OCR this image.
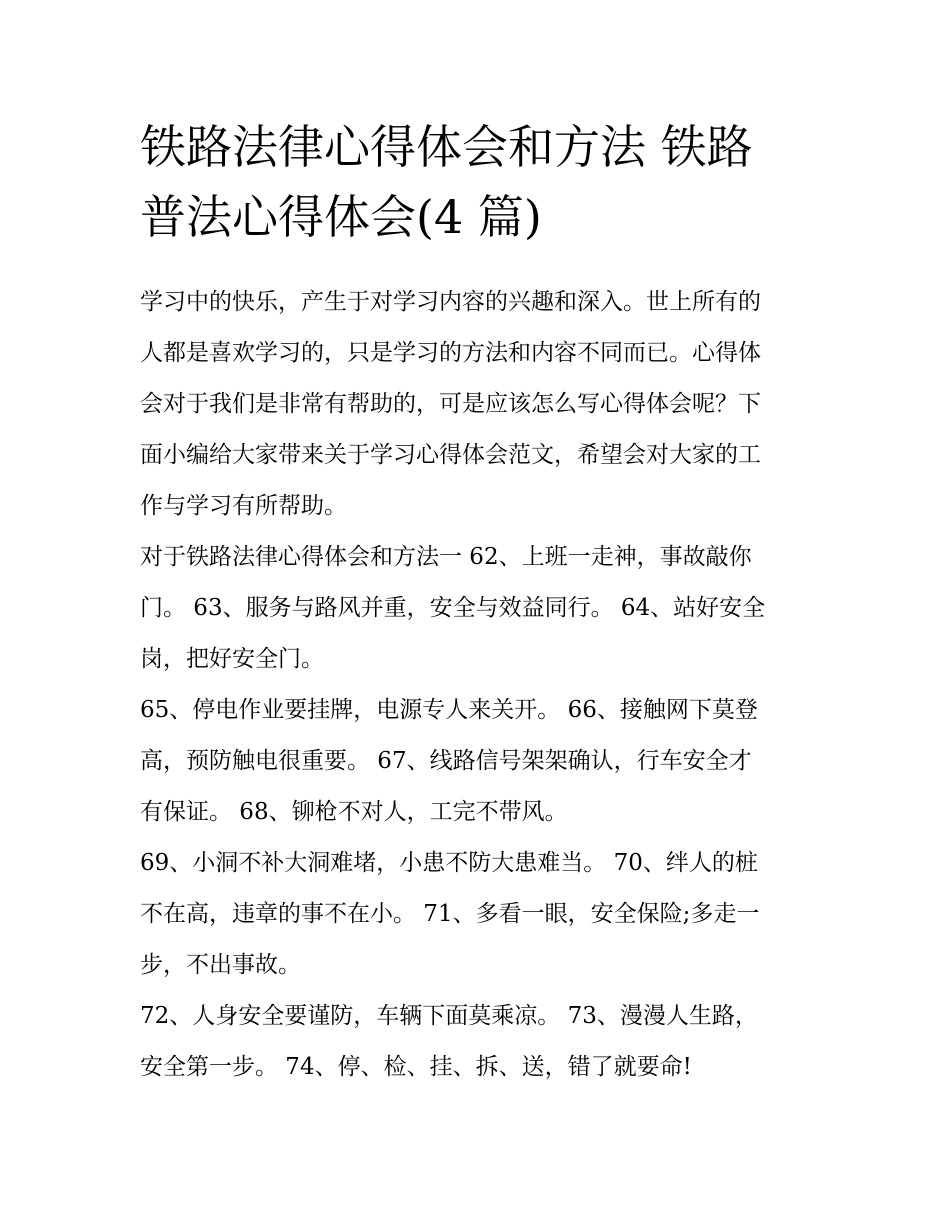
铁路法律心得体会和方法 铁路
普法心得体会(4 篇)

学习中的快乐，产生于对学习内容的兴趣和深入。世上所有的
人都是喜欢学习的，只是学习的方法和内容不同而已。心得体
会对于我们是非常有帮助的，可是应该怎么写心得体会呢？下
面小编给大家带来关于学习心得体会范文，希望会对大家的工
作与学习有所帮助。

对于铁路法律心得体会和方法一 62、上班一走神，事故敲你
门。 63、服务与路风并重，安全与效益同行。 64、站好安全
岗，把好安全门。

65、停电作业要挂牌，电源专人来关开。 66、接触网下莫登
高，预防触电很重要。 67、线路信号架架确认，行车安全才
有保证。 68、铆枪不对人，工完不带风。

69、小洞不补大洞难堵，小患不防大患难当。 70、绊人的桩
不在高，违章的事不在小。 71、多看一眼，安全保险;多走一
步，不出事故。

72、人身安全要谨防，车辆下面莫乘凉。 73、漫漫人生路，
安全第一步。 74、停、检、挂、拆、送，错了就要命!
